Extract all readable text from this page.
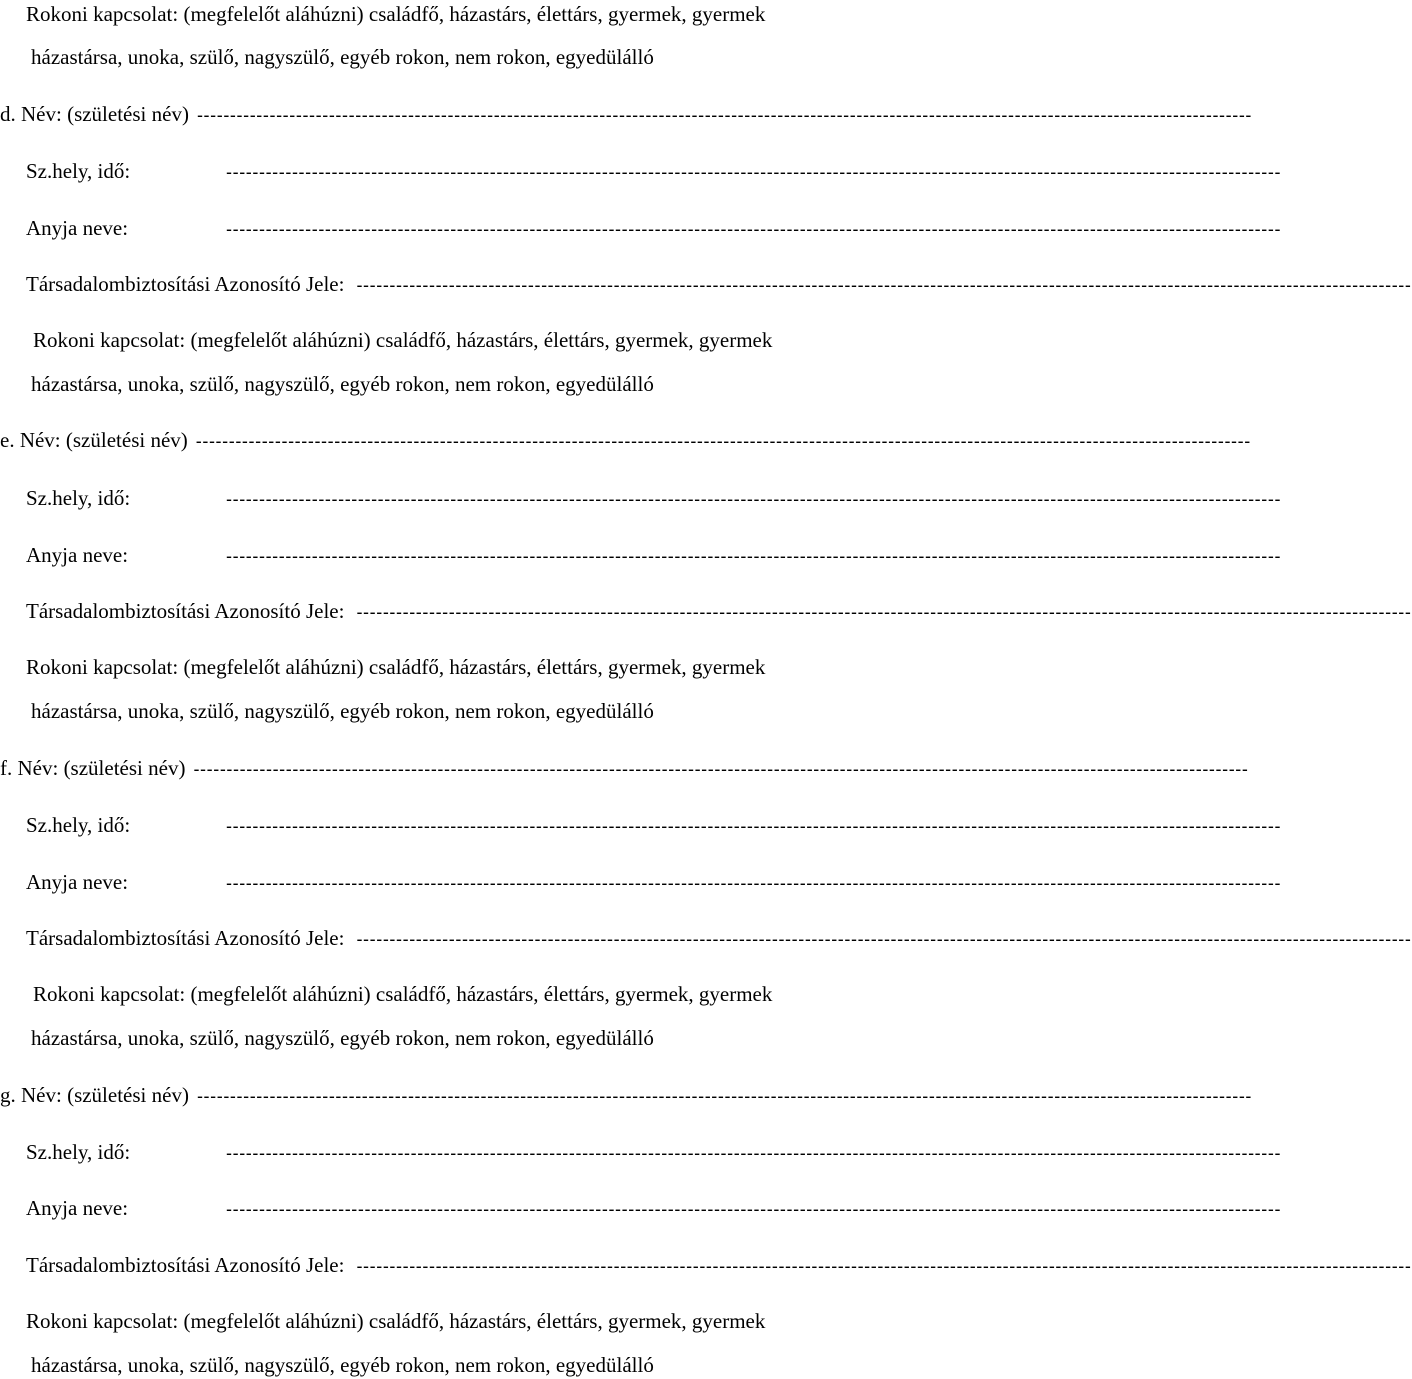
Rokoni kapcsolat: (megfelelőt aláhúzni) családfő, házastárs, élettárs, gyermek, gyermek
házastársa, unoka, szülő, nagyszülő, egyéb rokon, nem rokon, egyedülálló
d. Név: (születési név) ----------------------------------------------------------------------------------------------------------------------------------------------------------------
Sz.hely, idő:	----------------------------------------------------------------------------------------------------------------------------------------------------------------
Anyja neve:	----------------------------------------------------------------------------------------------------------------------------------------------------------------
Társadalombiztosítási Azonosító Jele: ----------------------------------------------------------------------------------------------------------------------------------------------------------------
Rokoni kapcsolat: (megfelelőt aláhúzni) családfő, házastárs, élettárs, gyermek, gyermek
házastársa, unoka, szülő, nagyszülő, egyéb rokon, nem rokon, egyedülálló
e. Név: (születési név) ----------------------------------------------------------------------------------------------------------------------------------------------------------------
Sz.hely, idő:	----------------------------------------------------------------------------------------------------------------------------------------------------------------
Anyja neve:	----------------------------------------------------------------------------------------------------------------------------------------------------------------
Társadalombiztosítási Azonosító Jele: ----------------------------------------------------------------------------------------------------------------------------------------------------------------
Rokoni kapcsolat: (megfelelőt aláhúzni) családfő, házastárs, élettárs, gyermek, gyermek
házastársa, unoka, szülő, nagyszülő, egyéb rokon, nem rokon, egyedülálló
f. Név: (születési név) ----------------------------------------------------------------------------------------------------------------------------------------------------------------
Sz.hely, idő:	----------------------------------------------------------------------------------------------------------------------------------------------------------------
Anyja neve:	----------------------------------------------------------------------------------------------------------------------------------------------------------------
Társadalombiztosítási Azonosító Jele: ----------------------------------------------------------------------------------------------------------------------------------------------------------------
Rokoni kapcsolat: (megfelelőt aláhúzni) családfő, házastárs, élettárs, gyermek, gyermek
házastársa, unoka, szülő, nagyszülő, egyéb rokon, nem rokon, egyedülálló
g. Név: (születési név) ----------------------------------------------------------------------------------------------------------------------------------------------------------------
Sz.hely, idő:	----------------------------------------------------------------------------------------------------------------------------------------------------------------
Anyja neve:	----------------------------------------------------------------------------------------------------------------------------------------------------------------
Társadalombiztosítási Azonosító Jele: ----------------------------------------------------------------------------------------------------------------------------------------------------------------
Rokoni kapcsolat: (megfelelőt aláhúzni) családfő, házastárs, élettárs, gyermek, gyermek
házastársa, unoka, szülő, nagyszülő, egyéb rokon, nem rokon, egyedülálló
